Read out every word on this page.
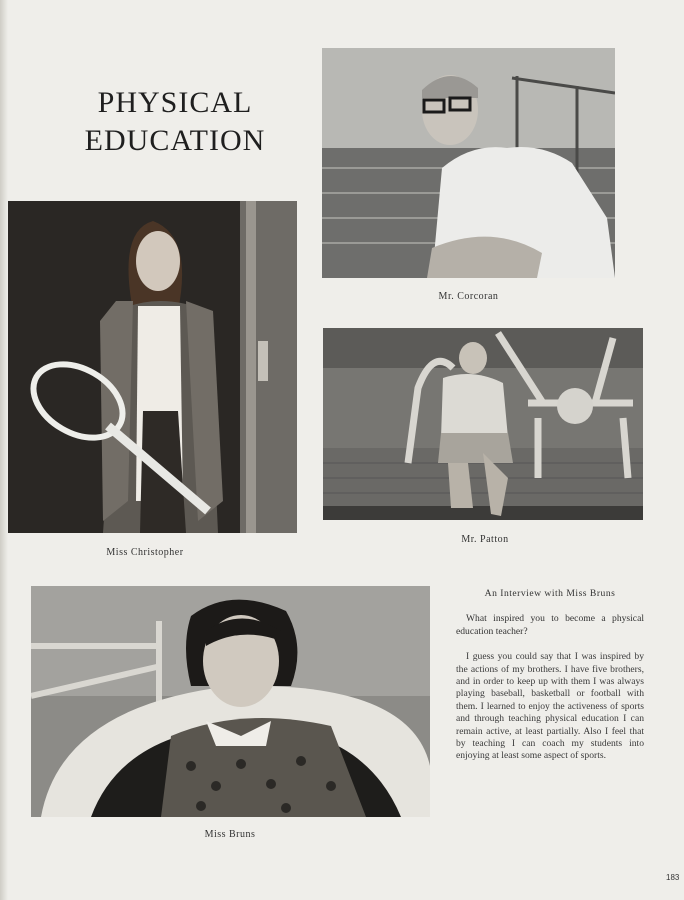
PHYSICAL
EDUCATION
Mr. Corcoran
Miss Christopher
Mr. Patton
Miss Bruns
An Interview with Miss Bruns
What inspired you to become a physical education teacher?
I guess you could say that I was inspired by the actions of my brothers. I have five brothers, and in order to keep up with them I was always playing baseball, basketball or football with them. I learned to enjoy the activeness of sports and through teaching physical education I can remain active, at least partially. Also I feel that by teaching I can coach my students into enjoying at least some aspect of sports.
183
